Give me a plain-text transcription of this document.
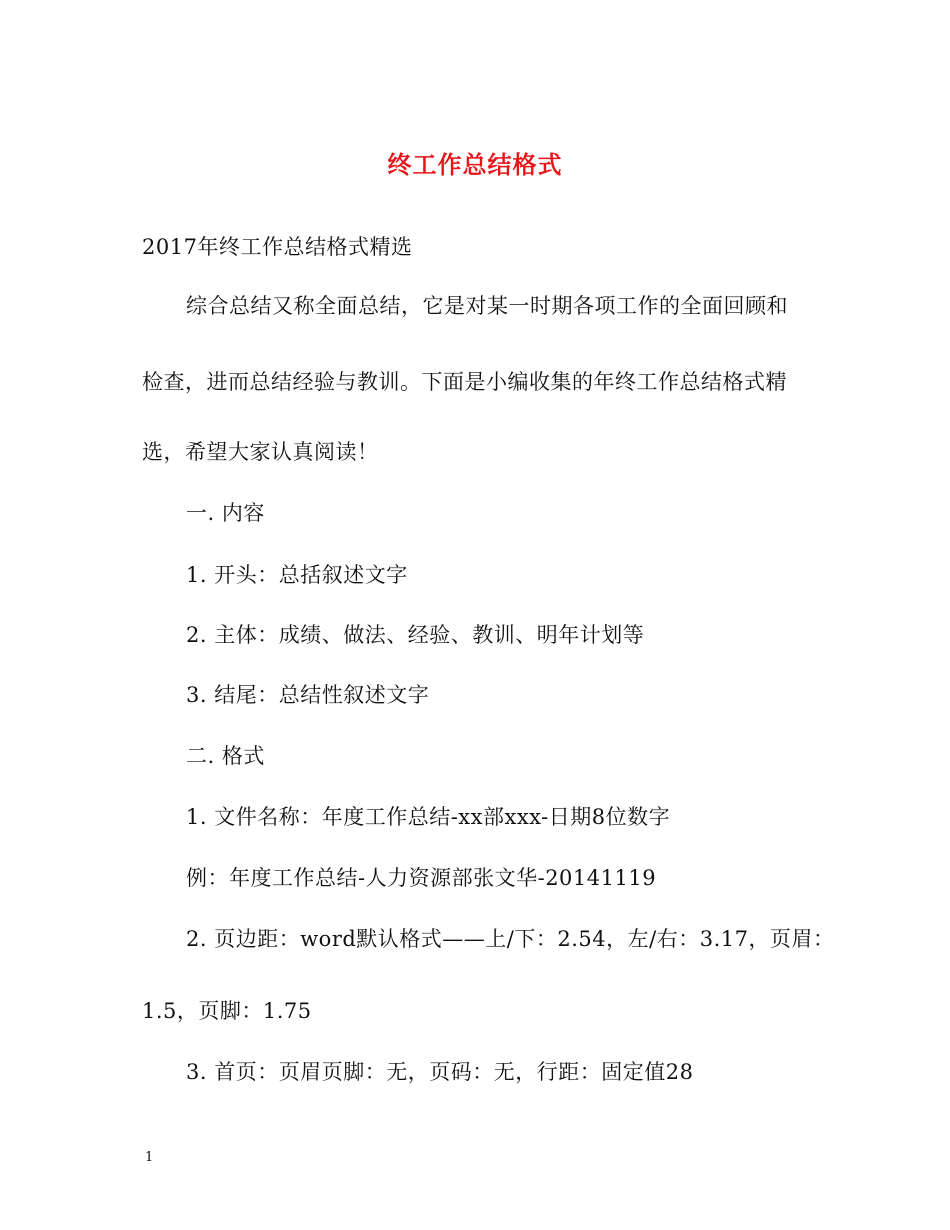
终工作总结格式
2017年终工作总结格式精选
综合总结又称全面总结，它是对某一时期各项工作的全面回顾和
检查，进而总结经验与教训。下面是小编收集的年终工作总结格式精
选，希望大家认真阅读！
一. 内容
1. 开头：总括叙述文字
2. 主体：成绩、做法、经验、教训、明年计划等
3. 结尾：总结性叙述文字
二. 格式
1. 文件名称：年度工作总结-xx部xxx-日期8位数字
例：年度工作总结-人力资源部张文华-20141119
2. 页边距：word默认格式——上/下：2.54，左/右：3.17，页眉：
1.5，页脚：1.75
3. 首页：页眉页脚：无，页码：无，行距：固定值28
1
